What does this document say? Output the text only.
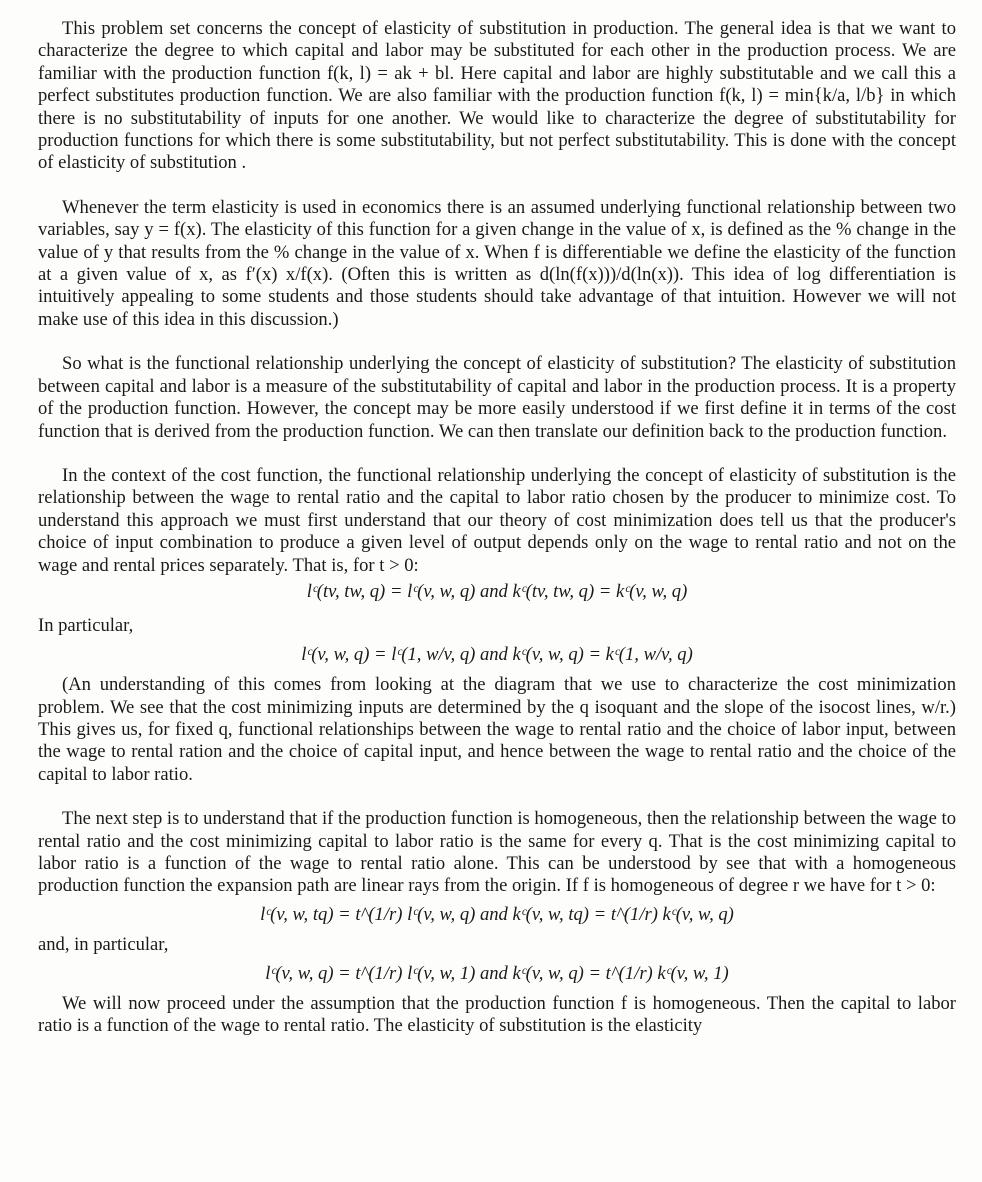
This problem set concerns the concept of elasticity of substitution in production. The general idea is that we want to characterize the degree to which capital and labor may be substituted for each other in the production process. We are familiar with the production function f(k, l) = ak + bl. Here capital and labor are highly substitutable and we call this a perfect substitutes production function. We are also familiar with the production function f(k, l) = min{k/a, l/b} in which there is no substitutability of inputs for one another. We would like to characterize the degree of substitutability for production functions for which there is some substitutability, but not perfect substitutability. This is done with the concept of elasticity of substitution .

Whenever the term elasticity is used in economics there is an assumed underlying functional relationship between two variables, say y = f(x). The elasticity of this function for a given change in the value of x, is defined as the % change in the value of y that results from the % change in the value of x. When f is differentiable we define the elasticity of the function at a given value of x, as f′(x) x/f(x). (Often this is written as d(ln(f(x)))/d(ln(x)). This idea of log differentiation is intuitively appealing to some students and those students should take advantage of that intuition. However we will not make use of this idea in this discussion.)

So what is the functional relationship underlying the concept of elasticity of substitution? The elasticity of substitution between capital and labor is a measure of the substitutability of capital and labor in the production process. It is a property of the production function. However, the concept may be more easily understood if we first define it in terms of the cost function that is derived from the production function. We can then translate our definition back to the production function.

In the context of the cost function, the functional relationship underlying the concept of elasticity of substitution is the relationship between the wage to rental ratio and the capital to labor ratio chosen by the producer to minimize cost. To understand this approach we must first understand that our theory of cost minimization does tell us that the producer's choice of input combination to produce a given level of output depends only on the wage to rental ratio and not on the wage and rental prices separately. That is, for t > 0:

lᶜ(tv, tw, q) = lᶜ(v, w, q) and kᶜ(tv, tw, q) = kᶜ(v, w, q)

In particular,

lᶜ(v, w, q) = lᶜ(1, w/v, q) and kᶜ(v, w, q) = kᶜ(1, w/v, q)

(An understanding of this comes from looking at the diagram that we use to characterize the cost minimization problem. We see that the cost minimizing inputs are determined by the q isoquant and the slope of the isocost lines, w/r.) This gives us, for fixed q, functional relationships between the wage to rental ratio and the choice of labor input, between the wage to rental ration and the choice of capital input, and hence between the wage to rental ratio and the choice of the capital to labor ratio.

The next step is to understand that if the production function is homogeneous, then the relationship between the wage to rental ratio and the cost minimizing capital to labor ratio is the same for every q. That is the cost minimizing capital to labor ratio is a function of the wage to rental ratio alone. This can be understood by see that with a homogeneous production function the expansion path are linear rays from the origin. If f is homogeneous of degree r we have for t > 0:

lᶜ(v, w, tq) = t^(1/r) lᶜ(v, w, q) and kᶜ(v, w, tq) = t^(1/r) kᶜ(v, w, q)

and, in particular,

lᶜ(v, w, q) = t^(1/r) lᶜ(v, w, 1) and kᶜ(v, w, q) = t^(1/r) kᶜ(v, w, 1)

We will now proceed under the assumption that the production function f is homogeneous. Then the capital to labor ratio is a function of the wage to rental ratio. The elasticity of substitution is the elasticity
